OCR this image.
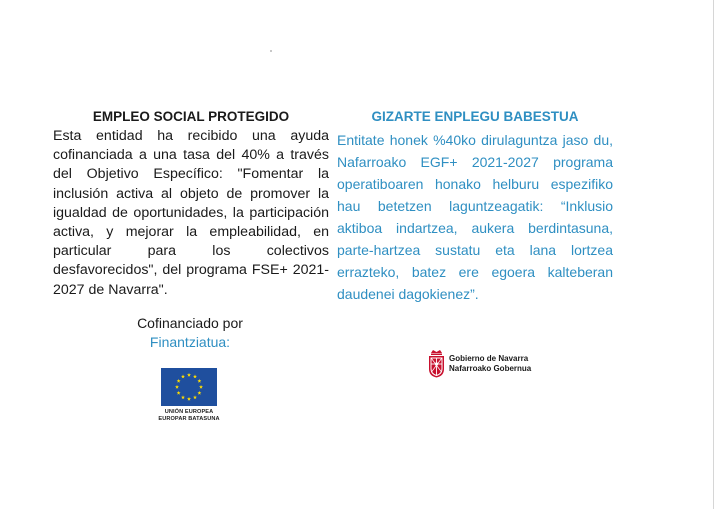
EMPLEO SOCIAL PROTEGIDO

Esta entidad ha recibido una ayuda cofinanciada a una tasa del 40% a través del Objetivo Específico: "Fomentar la inclusión activa al objeto de promover la igualdad de oportunidades, la participación activa, y mejorar la empleabilidad, en particular para los colectivos desfavorecidos", del programa FSE+ 2021-2027 de Navarra".

GIZARTE ENPLEGU BABESTUA

Entitate honek %40ko dirulaguntza jaso du, Nafarroako EGF+ 2021-2027 programa operatiboaren honako helburu espezifiko hau betetzen laguntzeagatik: “Inklusio aktiboa indartzea, aukera berdintasuna, parte-hartzea sustatu eta lana lortzea errazteko, batez ere egoera kalteberan daudenei dagokienez”.

Cofinanciado por
Finantziatua:
UNIÓN EUROPEA
EUROPAR BATASUNA
Gobierno de Navarra
Nafarroako Gobernua
